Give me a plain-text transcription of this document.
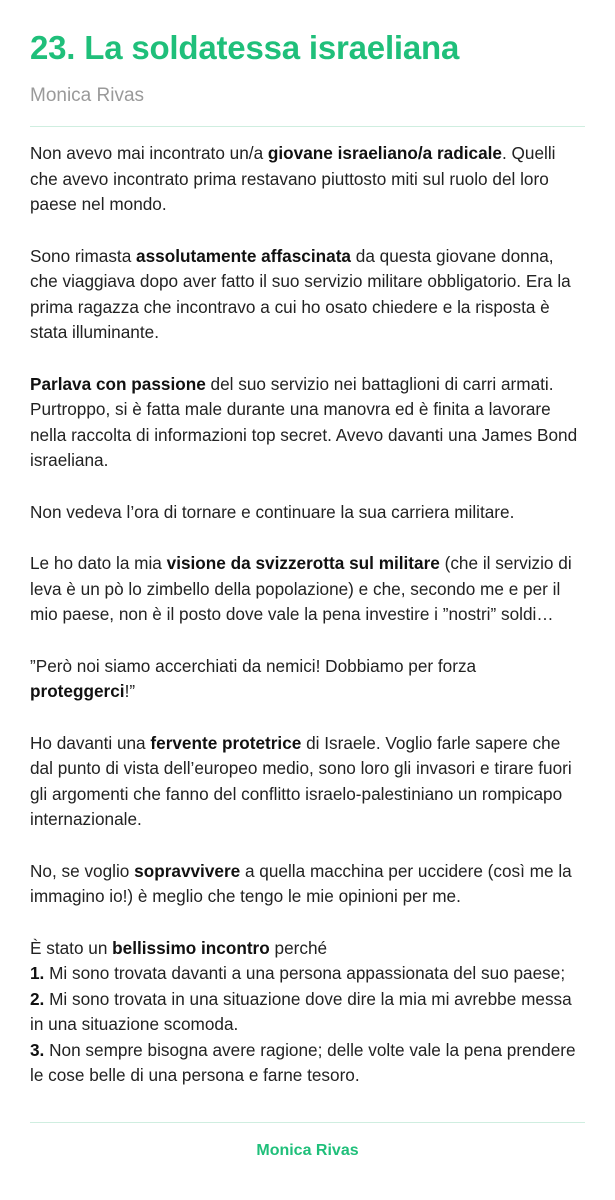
23. La soldatessa israeliana
Monica Rivas

Non avevo mai incontrato un/a giovane israeliano/a radicale. Quelli che avevo incontrato prima restavano piuttosto miti sul ruolo del loro paese nel mondo.

Sono rimasta assolutamente affascinata da questa giovane donna, che viaggiava dopo aver fatto il suo servizio militare obbligatorio. Era la prima ragazza che incontravo a cui ho osato chiedere e la risposta è stata illuminante.

Parlava con passione del suo servizio nei battaglioni di carri armati. Purtroppo, si è fatta male durante una manovra ed è finita a lavorare nella raccolta di informazioni top secret. Avevo davanti una James Bond israeliana.

Non vedeva l’ora di tornare e continuare la sua carriera militare.

Le ho dato la mia visione da svizzerotta sul militare (che il servizio di leva è un pò lo zimbello della popolazione) e che, secondo me e per il mio paese, non è il posto dove vale la pena investire i ”nostri” soldi…

”Però noi siamo accerchiati da nemici! Dobbiamo per forza proteggerci!”

Ho davanti una fervente protetrice di Israele. Voglio farle sapere che dal punto di vista dell’europeo medio, sono loro gli invasori e tirare fuori gli argomenti che fanno del conflitto israelo-palestiniano un rompicapo internazionale.

No, se voglio sopravvivere a quella macchina per uccidere (così me la immagino io!) è meglio che tengo le mie opinioni per me.

È stato un bellissimo incontro perché
1. Mi sono trovata davanti a una persona appassionata del suo paese;
2. Mi sono trovata in una situazione dove dire la mia mi avrebbe messa in una situazione scomoda.
3. Non sempre bisogna avere ragione; delle volte vale la pena prendere le cose belle di una persona e farne tesoro.

Monica Rivas
